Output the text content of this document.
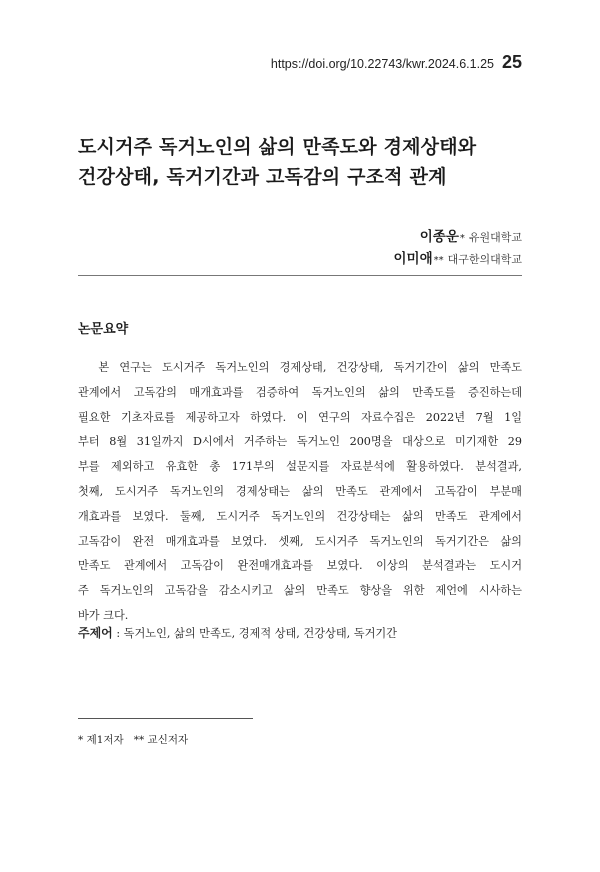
https://doi.org/10.22743/kwr.2024.6.1.25 25
도시거주 독거노인의 삶의 만족도와 경제상태와
건강상태, 독거기간과 고독감의 구조적 관계
이종운 * 유원대학교
이미애 ** 대구한의대학교
논문요약
본 연구는 도시거주 독거노인의 경제상태, 건강상태, 독거기간이 삶의 만족도
관계에서 고독감의 매개효과를 검증하여 독거노인의 삶의 만족도를 증진하는데
필요한 기초자료를 제공하고자 하였다. 이 연구의 자료수집은 2022년 7월 1일
부터 8월 31일까지 D시에서 거주하는 독거노인 200명을 대상으로 미기재한 29
부를 제외하고 유효한 총 171부의 설문지를 자료분석에 활용하였다. 분석결과,
첫째, 도시거주 독거노인의 경제상태는 삶의 만족도 관계에서 고독감이 부분매
개효과를 보였다. 둘째, 도시거주 독거노인의 건강상태는 삶의 만족도 관계에서
고독감이 완전 매개효과를 보였다. 셋째, 도시거주 독거노인의 독거기간은 삶의
만족도 관계에서 고독감이 완전매개효과를 보였다. 이상의 분석결과는 도시거
주 독거노인의 고독감을 감소시키고 삶의 만족도 향상을 위한 제언에 시사하는
바가 크다.
주제어 : 독거노인, 삶의 만족도, 경제적 상태, 건강상태, 독거기간
* 제1저자   ** 교신저자
